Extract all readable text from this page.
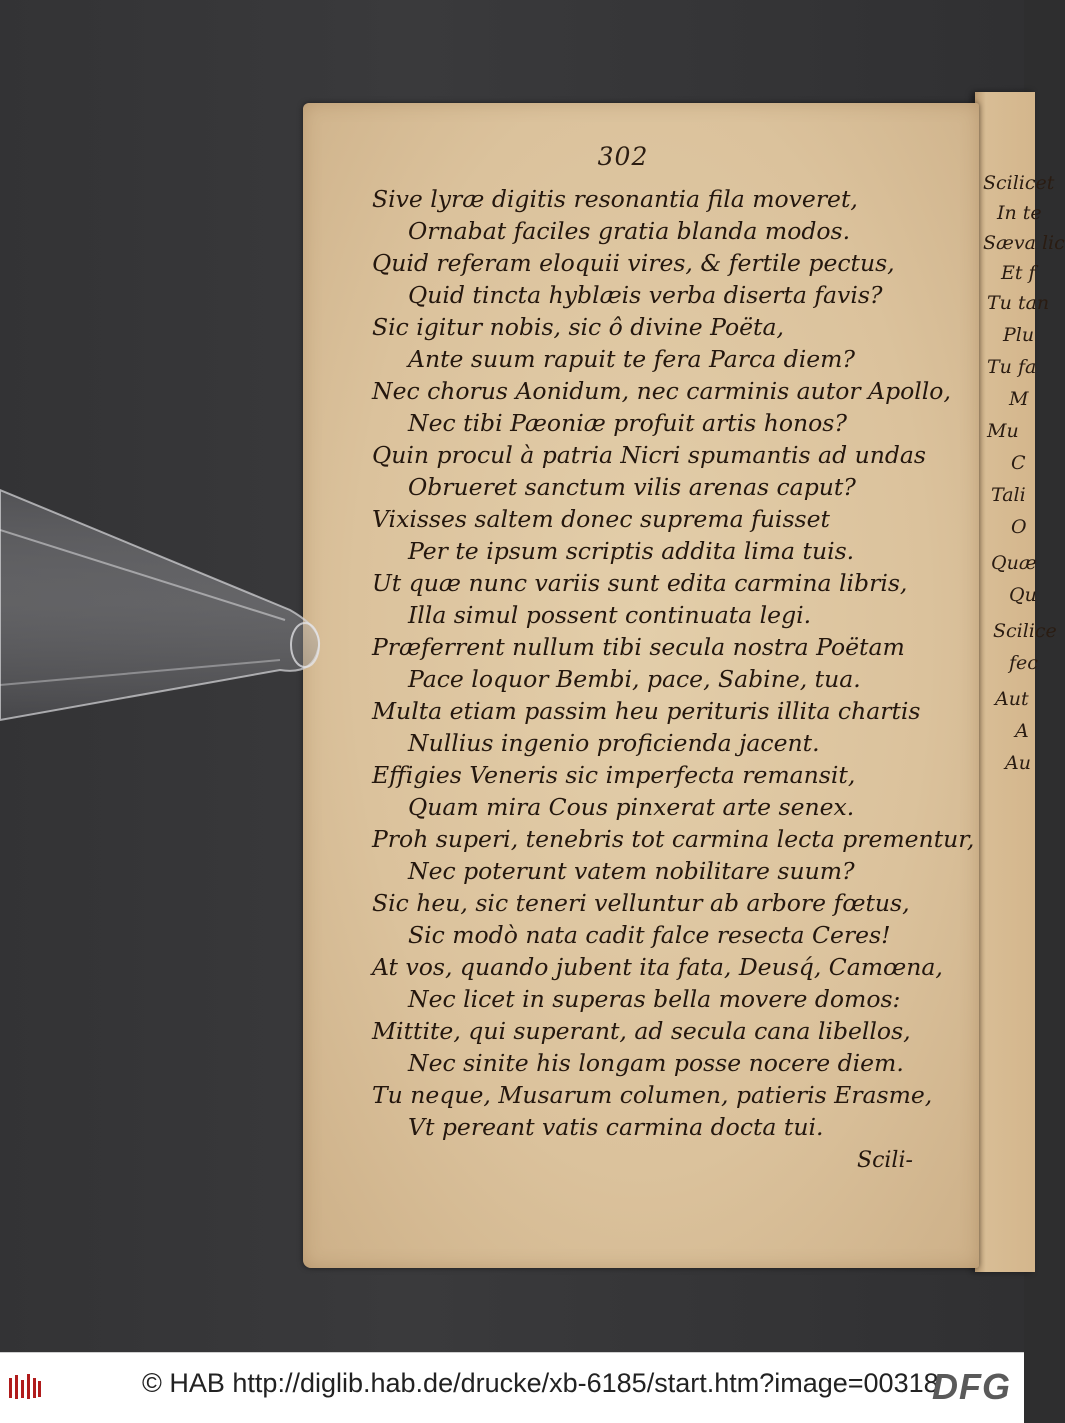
Scilicet
In te
Sæva lic
Et f
Tu tan
Plu
Tu fa
M
Mu
C
Tali
O
Quæ
Qu
Scilice
fec
Aut
A
Au
302
Sive lyræ digitis resonantia fila moveret,
Ornabat faciles gratia blanda modos.
Quid referam eloquii vires, & fertile pectus,
Quid tincta hyblæis verba diserta favis?
Sic igitur nobis, sic ô divine Poëta,
Ante suum rapuit te fera Parca diem?
Nec chorus Aonidum, nec carminis autor Apollo,
Nec tibi Pæoniæ profuit artis honos?
Quin procul à patria Nicri spumantis ad undas
Obrueret sanctum vilis arenas caput?
Vixisses saltem donec suprema fuisset
Per te ipsum scriptis addita lima tuis.
Ut quæ nunc variis sunt edita carmina libris,
Illa simul possent continuata legi.
Præferrent nullum tibi secula nostra Poëtam
Pace loquor Bembi, pace, Sabine, tua.
Multa etiam passim heu perituris illita chartis
Nullius ingenio proficienda jacent.
Effigies Veneris sic imperfecta remansit,
Quam mira Cous pinxerat arte senex.
Proh superi, tenebris tot carmina lecta prementur,
Nec poterunt vatem nobilitare suum?
Sic heu, sic teneri velluntur ab arbore fœtus,
Sic modò nata cadit falce resecta Ceres!
At vos, quando jubent ita fata, Deusq́, Camœna,
Nec licet in superas bella movere domos:
Mittite, qui superant, ad secula cana libellos,
Nec sinite his longam posse nocere diem.
Tu neque, Musarum columen, patieris Erasme,
Vt pereant vatis carmina docta tui.
Scili-
© HAB http://diglib.hab.de/drucke/xb-6185/start.htm?image=00318
DFG
